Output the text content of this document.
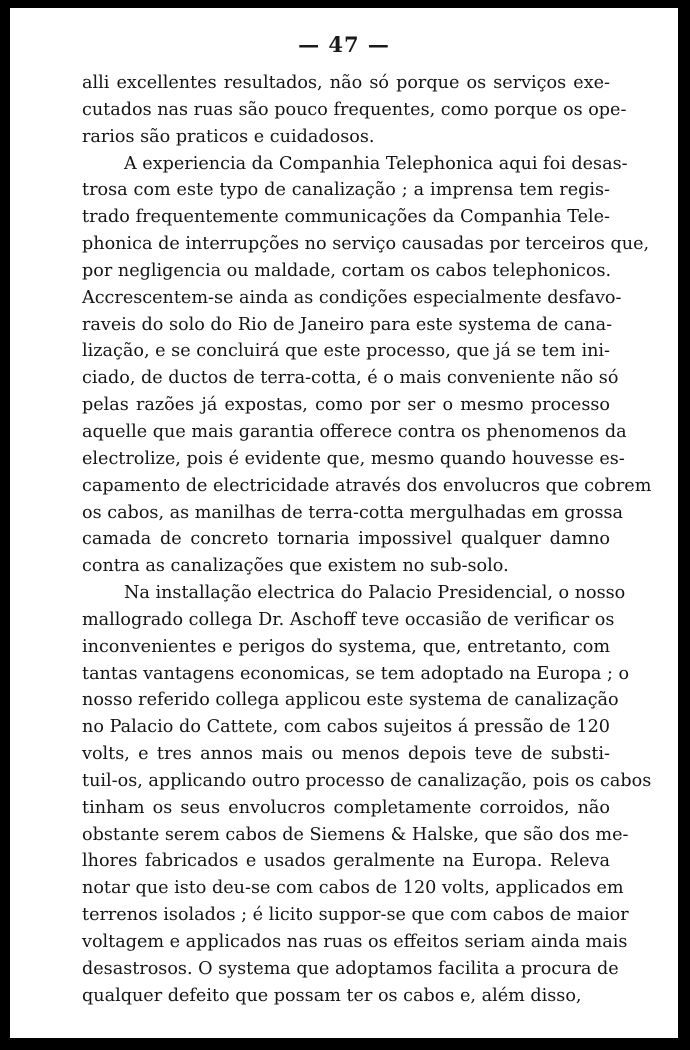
— 47 —
alli excellentes resultados, não só porque os serviços exe-
cutados nas ruas são pouco frequentes, como porque os ope-
rarios são praticos e cuidadosos.
A experiencia da Companhia Telephonica aqui foi desas-
trosa com este typo de canalização ; a imprensa tem regis-
trado frequentemente communicações da Companhia Tele-
phonica de interrupções no serviço causadas por terceiros que,
por negligencia ou maldade, cortam os cabos telephonicos.
Accrescentem-se ainda as condições especialmente desfavo-
raveis do solo do Rio de Janeiro para este systema de cana-
lização, e se concluirá que este processo, que já se tem ini-
ciado, de ductos de terra-cotta, é o mais conveniente não só
pelas razões já expostas, como por ser o mesmo processo
aquelle que mais garantia offerece contra os phenomenos da
electrolize, pois é evidente que, mesmo quando houvesse es-
capamento de electricidade através dos envolucros que cobrem
os cabos, as manilhas de terra-cotta mergulhadas em grossa
camada de concreto tornaria impossivel qualquer damno
contra as canalizações que existem no sub-solo.
Na installação electrica do Palacio Presidencial, o nosso
mallogrado collega Dr. Aschoff teve occasião de verificar os
inconvenientes e perigos do systema, que, entretanto, com
tantas vantagens economicas, se tem adoptado na Europa ; o
nosso referido collega applicou este systema de canalização
no Palacio do Cattete, com cabos sujeitos á pressão de 120
volts, e tres annos mais ou menos depois teve de substi-
tuil-os, applicando outro processo de canalização, pois os cabos
tinham os seus envolucros completamente corroidos, não
obstante serem cabos de Siemens & Halske, que são dos me-
lhores fabricados e usados geralmente na Europa. Releva
notar que isto deu-se com cabos de 120 volts, applicados em
terrenos isolados ; é licito suppor-se que com cabos de maior
voltagem e applicados nas ruas os effeitos seriam ainda mais
desastrosos. O systema que adoptamos facilita a procura de
qualquer defeito que possam ter os cabos e, além disso,
